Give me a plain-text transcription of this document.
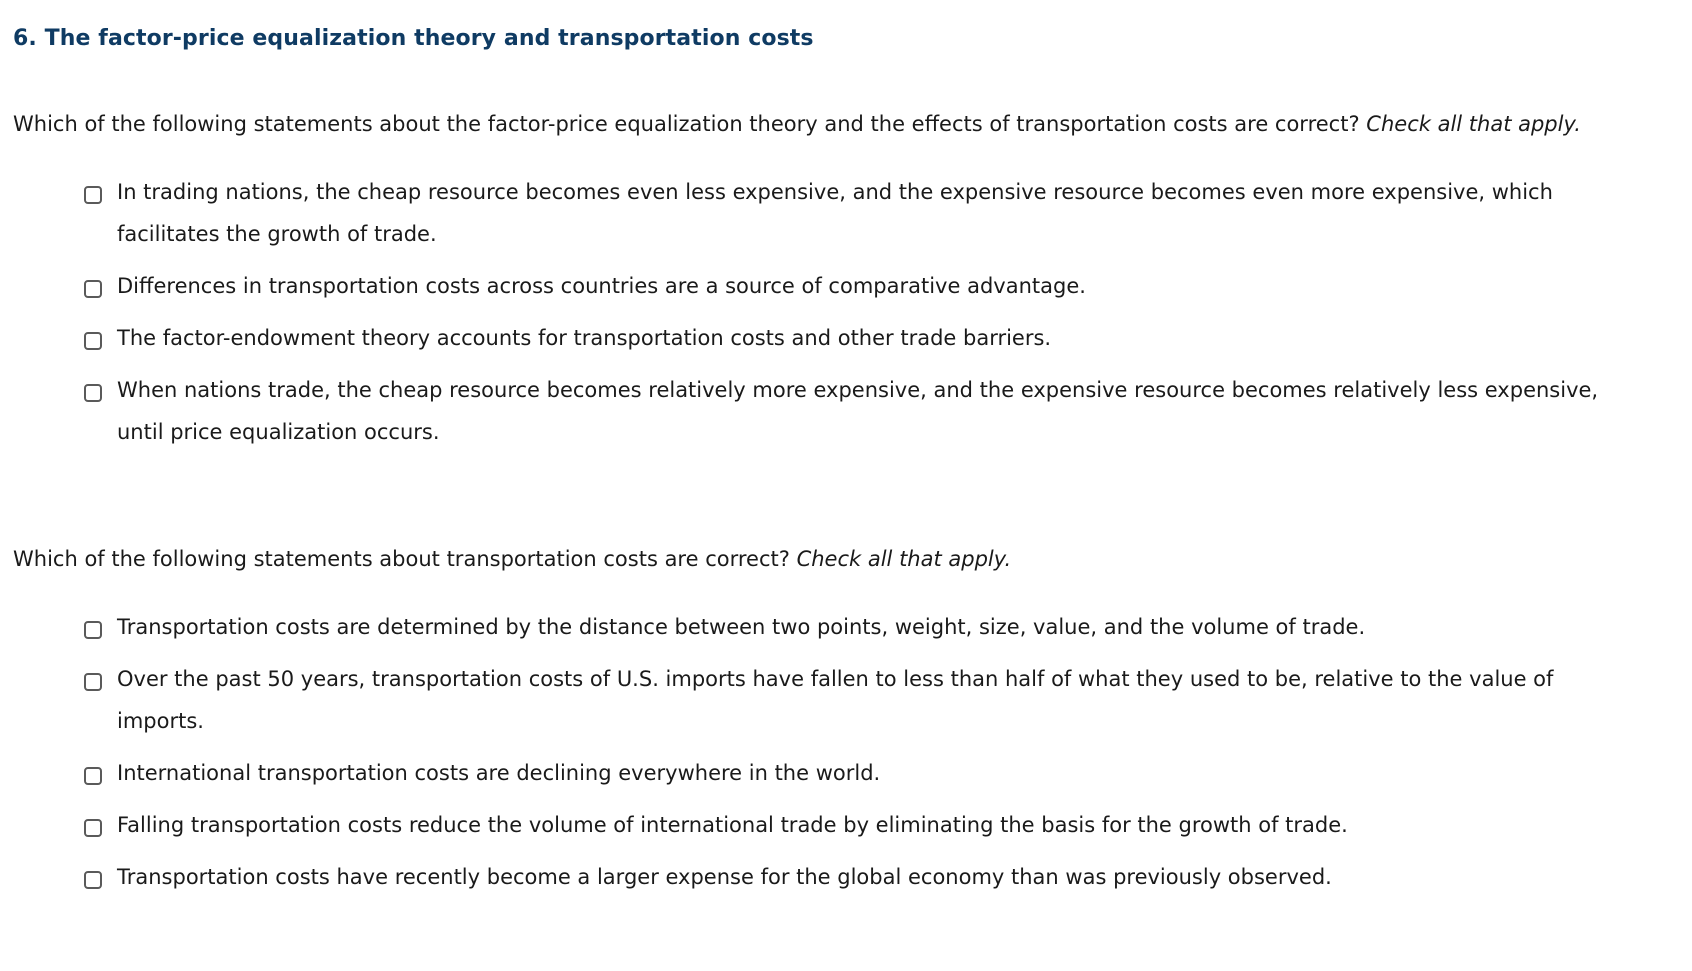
6. The factor-price equalization theory and transportation costs

Which of the following statements about the factor-price equalization theory and the effects of transportation costs are correct? Check all that apply.

In trading nations, the cheap resource becomes even less expensive, and the expensive resource becomes even more expensive, which facilitates the growth of trade.
Differences in transportation costs across countries are a source of comparative advantage.
The factor-endowment theory accounts for transportation costs and other trade barriers.
When nations trade, the cheap resource becomes relatively more expensive, and the expensive resource becomes relatively less expensive, until price equalization occurs.

Which of the following statements about transportation costs are correct? Check all that apply.

Transportation costs are determined by the distance between two points, weight, size, value, and the volume of trade.
Over the past 50 years, transportation costs of U.S. imports have fallen to less than half of what they used to be, relative to the value of imports.
International transportation costs are declining everywhere in the world.
Falling transportation costs reduce the volume of international trade by eliminating the basis for the growth of trade.
Transportation costs have recently become a larger expense for the global economy than was previously observed.
